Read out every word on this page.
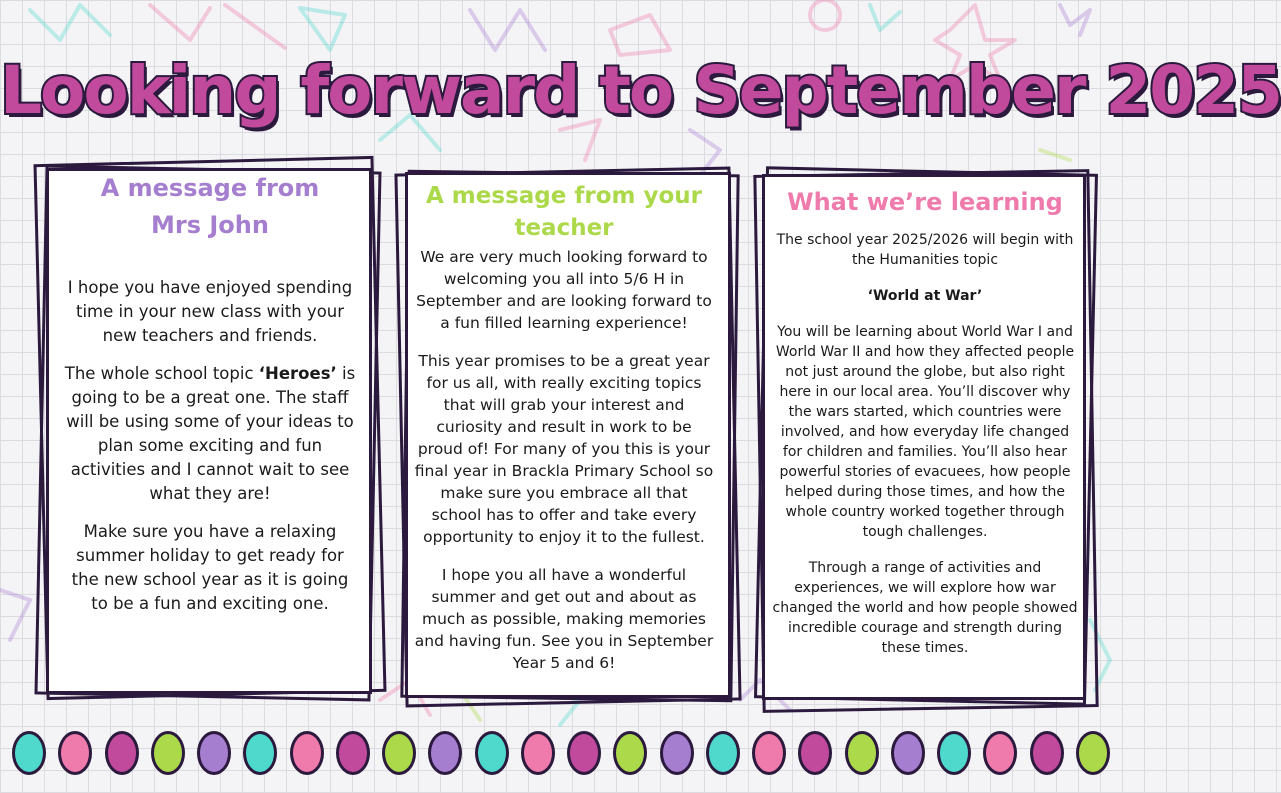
Looking forward to September 2025
A message from
Mrs John

I hope you have enjoyed spending time in your new class with your new teachers and friends.

The whole school topic ‘Heroes’ is going to be a great one. The staff will be using some of your ideas to plan some exciting and fun activities and I cannot wait to see what they are!

Make sure you have a relaxing summer holiday to get ready for the new school year as it is going to be a fun and exciting one.

A message from your teacher

We are very much looking forward to welcoming you all into 5/6 H in September and are looking forward to a fun filled learning experience!

This year promises to be a great year for us all, with really exciting topics that will grab your interest and curiosity and result in work to be proud of! For many of you this is your final year in Brackla Primary School so make sure you embrace all that school has to offer and take every opportunity to enjoy it to the fullest.

I hope you all have a wonderful summer and get out and about as much as possible, making memories and having fun. See you in September Year 5 and 6!

What we’re learning

The school year 2025/2026 will begin with the Humanities topic

‘World at War’

You will be learning about World War I and World War II and how they affected people not just around the globe, but also right here in our local area. You’ll discover why the wars started, which countries were involved, and how everyday life changed for children and families. You’ll also hear powerful stories of evacuees, how people helped during those times, and how the whole country worked together through tough challenges.

Through a range of activities and experiences, we will explore how war changed the world and how people showed incredible courage and strength during these times.
